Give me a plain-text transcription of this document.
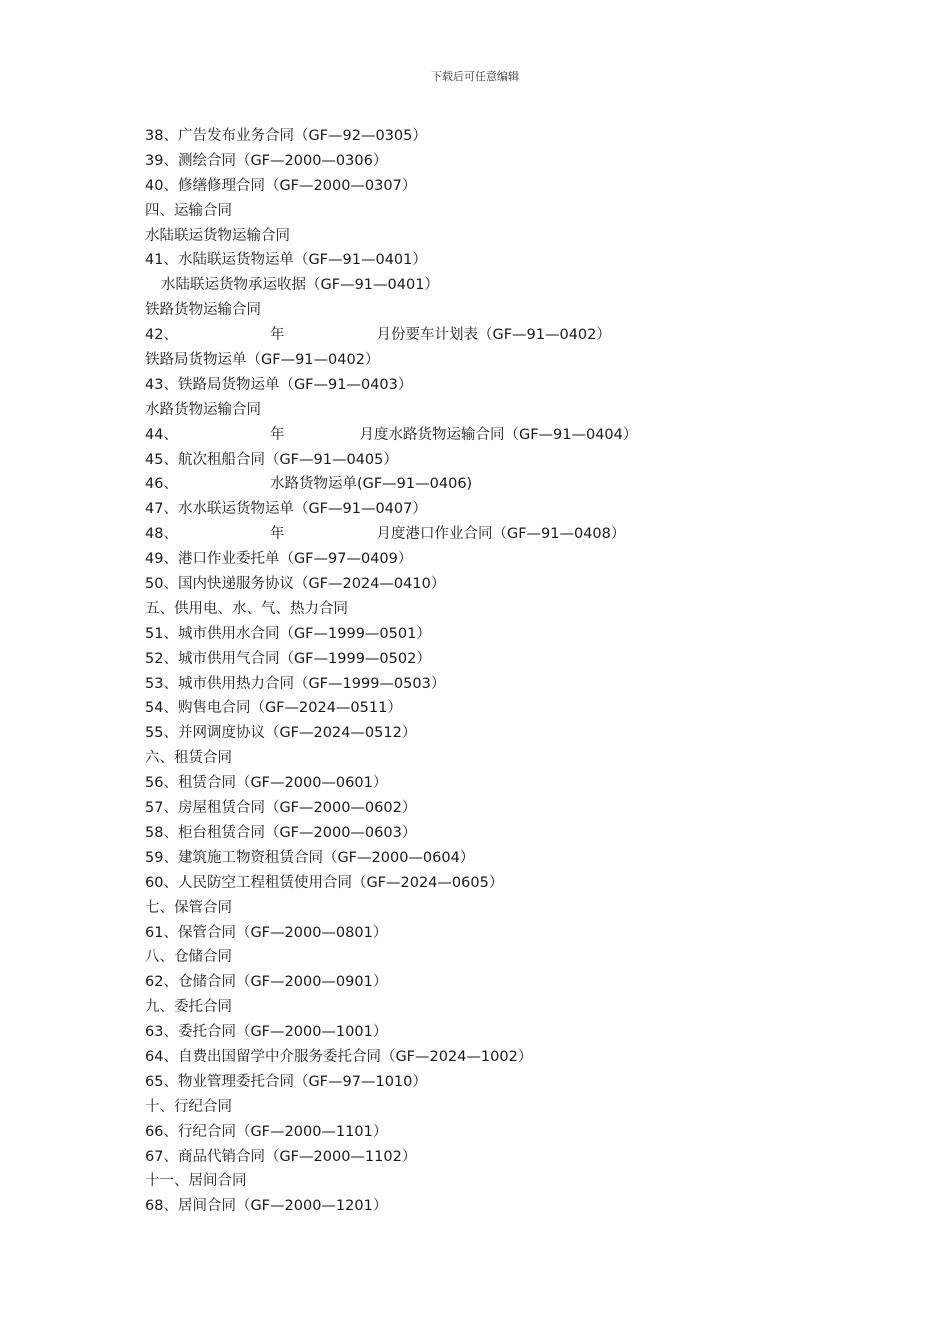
下载后可任意编辑
38、广告发布业务合同（GF—92—0305）
39、测绘合同（GF—2000—0306）
40、修缮修理合同（GF—2000—0307）
四、运输合同
水陆联运货物运输合同
41、水陆联运货物运单（GF—91—0401）
水陆联运货物承运收据（GF—91—0401）
铁路货物运输合同
42、	年	月份要车计划表（GF—91—0402）
铁路局货物运单（GF—91—0402）
43、铁路局货物运单（GF—91—0403）
水路货物运输合同
44、	年	月度水路货物运输合同（GF—91—0404）
45、航次租船合同（GF—91—0405）
46、	水路货物运单(GF—91—0406)
47、水水联运货物运单（GF—91—0407）
48、	年	月度港口作业合同（GF—91—0408）
49、港口作业委托单（GF—97—0409）
50、国内快递服务协议（GF—2024—0410）
五、供用电、水、气、热力合同
51、城市供用水合同（GF—1999—0501）
52、城市供用气合同（GF—1999—0502）
53、城市供用热力合同（GF—1999—0503）
54、购售电合同（GF—2024—0511）
55、并网调度协议（GF—2024—0512）
六、租赁合同
56、租赁合同（GF—2000—0601）
57、房屋租赁合同（GF—2000—0602）
58、柜台租赁合同（GF—2000—0603）
59、建筑施工物资租赁合同（GF—2000—0604）
60、人民防空工程租赁使用合同（GF—2024—0605）
七、保管合同
61、保管合同（GF—2000—0801）
八、仓储合同
62、仓储合同（GF—2000—0901）
九、委托合同
63、委托合同（GF—2000—1001）
64、自费出国留学中介服务委托合同（GF—2024—1002）
65、物业管理委托合同（GF—97—1010）
十、行纪合同
66、行纪合同（GF—2000—1101）
67、商品代销合同（GF—2000—1102）
十一、居间合同
68、居间合同（GF—2000—1201）
